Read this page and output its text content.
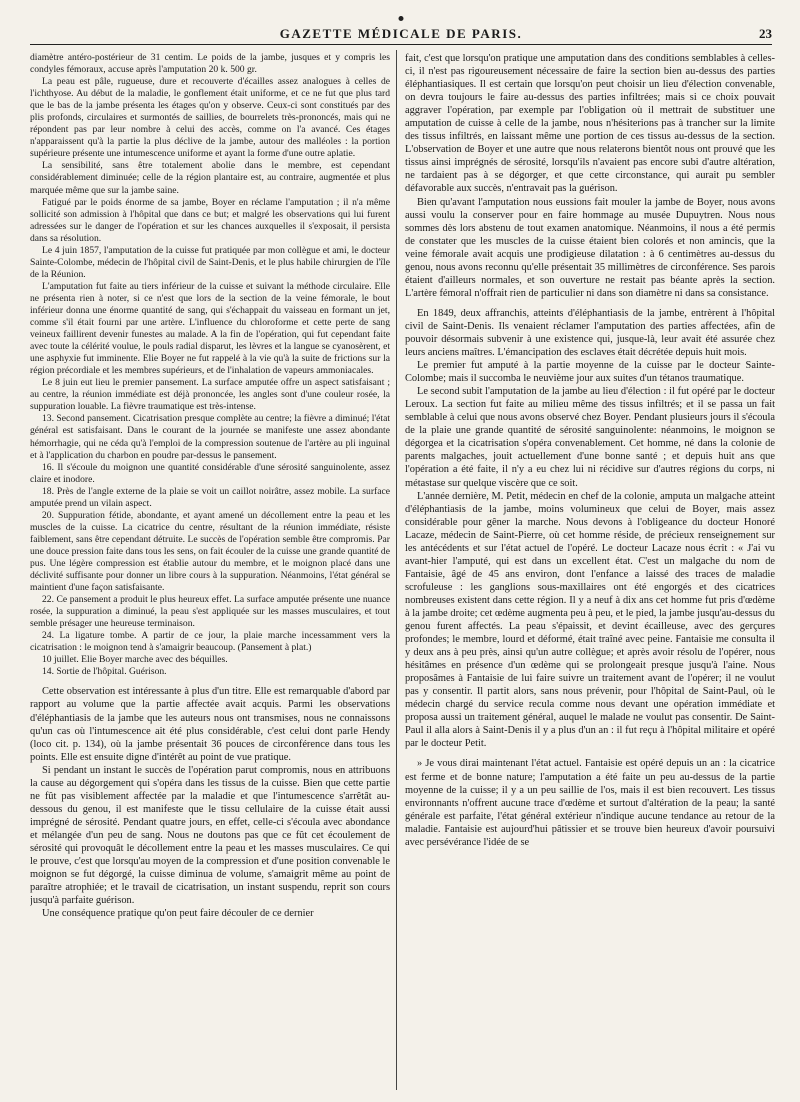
GAZETTE MÉDICALE DE PARIS.	23

diamètre antéro-postérieur de 31 centim. Le poids de la jambe, jusques et y compris les condyles fémoraux, accuse après l'amputation 20 k. 500 gr.

La peau est pâle, rugueuse, dure et recouverte d'écailles assez analogues à celles de l'ichthyose. Au début de la maladie, le gonflement était uniforme, et ce ne fut que plus tard que le bas de la jambe présenta les étages qu'on y observe. Ceux-ci sont constitués par des plis profonds, circulaires et surmontés de saillies, de bourrelets très-prononcés, mais qui ne répondent pas par leur nombre à celui des accès, comme on l'a avancé. Ces étages n'apparaissent qu'à la partie la plus déclive de la jambe, autour des malléoles : la portion supérieure présente une intumescence uniforme et ayant la forme d'une outre aplatie.

La sensibilité, sans être totalement abolie dans le membre, est cependant considérablement diminuée; celle de la région plantaire est, au contraire, augmentée et plus marquée même que sur la jambe saine.

Fatigué par le poids énorme de sa jambe, Boyer en réclame l'amputation ; il n'a même sollicité son admission à l'hôpital que dans ce but; et malgré les observations qui lui furent adressées sur le danger de l'opération et sur les chances auxquelles il s'exposait, il persista dans sa résolution.

Le 4 juin 1857, l'amputation de la cuisse fut pratiquée par mon collègue et ami, le docteur Sainte-Colombe, médecin de l'hôpital civil de Saint-Denis, et le plus habile chirurgien de l'île de la Réunion.

L'amputation fut faite au tiers inférieur de la cuisse et suivant la méthode circulaire. Elle ne présenta rien à noter, si ce n'est que lors de la section de la veine fémorale, le bout inférieur donna une énorme quantité de sang, qui s'échappait du vaisseau en formant un jet, comme s'il était fourni par une artère. L'influence du chloroforme et cette perte de sang veineux faillirent devenir funestes au malade. A la fin de l'opération, qui fut cependant faite avec toute la célérité voulue, le pouls radial disparut, les lèvres et la langue se cyanosèrent, et une asphyxie fut imminente. Elie Boyer ne fut rappelé à la vie qu'à la suite de frictions sur la région précordiale et les membres supérieurs, et de l'inhalation de vapeurs ammoniacales.

Le 8 juin eut lieu le premier pansement. La surface amputée offre un aspect satisfaisant ; au centre, la réunion immédiate est déjà prononcée, les angles sont d'une couleur rosée, la suppuration louable. La fièvre traumatique est très-intense.

13. Second pansement. Cicatrisation presque complète au centre; la fièvre a diminué; l'état général est satisfaisant. Dans le courant de la journée se manifeste une assez abondante hémorrhagie, qui ne céda qu'à l'emploi de la compression soutenue de l'artère au pli inguinal et à l'application du charbon en poudre par-dessus le pansement.

16. Il s'écoule du moignon une quantité considérable d'une sérosité sanguinolente, assez claire et inodore.

18. Près de l'angle externe de la plaie se voit un caillot noirâtre, assez mobile. La surface amputée prend un vilain aspect.

20. Suppuration fétide, abondante, et ayant amené un décollement entre la peau et les muscles de la cuisse. La cicatrice du centre, résultant de la réunion immédiate, résiste faiblement, sans être cependant détruite. Le succès de l'opération semble être compromis. Par une douce pression faite dans tous les sens, on fait écouler de la cuisse une grande quantité de pus. Une légère compression est établie autour du membre, et le moignon placé dans une déclivité suffisante pour donner un libre cours à la suppuration. Néanmoins, l'état général se maintient d'une façon satisfaisante.

22. Ce pansement a produit le plus heureux effet. La surface amputée présente une nuance rosée, la suppuration a diminué, la peau s'est appliquée sur les masses musculaires, et tout semble présager une heureuse terminaison.

24. La ligature tombe. A partir de ce jour, la plaie marche incessamment vers la cicatrisation : le moignon tend à s'amaigrir beaucoup. (Pansement à plat.)

10 juillet. Elie Boyer marche avec des béquilles.

14. Sortie de l'hôpital. Guérison.

Cette observation est intéressante à plus d'un titre. Elle est remarquable d'abord par rapport au volume que la partie affectée avait acquis. Parmi les observations d'éléphantiasis de la jambe que les auteurs nous ont transmises, nous ne connaissons qu'un cas où l'intumescence ait été plus considérable, c'est celui dont parle Hendy (loco cit. p. 134), où la jambe présentait 36 pouces de circonférence dans tous les points. Elle est ensuite digne d'intérêt au point de vue pratique.

Si pendant un instant le succès de l'opération parut compromis, nous en attribuons la cause au dégorgement qui s'opéra dans les tissus de la cuisse. Bien que cette partie ne fût pas visiblement affectée par la maladie et que l'intumescence s'arrêtât au-dessous du genou, il est manifeste que le tissu cellulaire de la cuisse était aussi imprégné de sérosité. Pendant quatre jours, en effet, celle-ci s'écoula avec abondance et mélangée d'un peu de sang. Nous ne doutons pas que ce fût cet écoulement de sérosité qui provoquât le décollement entre la peau et les masses musculaires. Ce qui le prouve, c'est que lorsqu'au moyen de la compression et d'une position convenable le moignon se fut dégorgé, la cuisse diminua de volume, s'amaigrit même au point de paraître atrophiée; et le travail de cicatrisation, un instant suspendu, reprit son cours jusqu'à parfaite guérison.

Une conséquence pratique qu'on peut faire découler de ce dernier

fait, c'est que lorsqu'on pratique une amputation dans des conditions semblables à celles-ci, il n'est pas rigoureusement nécessaire de faire la section bien au-dessus des parties éléphantiasiques. Il est certain que lorsqu'on peut choisir un lieu d'élection convenable, on devra toujours le faire au-dessus des parties infiltrées; mais si ce choix pouvait aggraver l'opération, par exemple par l'obligation où il mettrait de substituer une amputation de cuisse à celle de la jambe, nous n'hésiterions pas à trancher sur la limite des tissus infiltrés, en laissant même une portion de ces tissus au-dessus de la section. L'observation de Boyer et une autre que nous relaterons bientôt nous ont prouvé que les tissus ainsi imprégnés de sérosité, lorsqu'ils n'avaient pas encore subi d'autre altération, ne tardaient pas à se dégorger, et que cette circonstance, qui aurait pu sembler défavorable aux succès, n'entravait pas la guérison.

Bien qu'avant l'amputation nous eussions fait mouler la jambe de Boyer, nous avons aussi voulu la conserver pour en faire hommage au musée Dupuytren. Nous nous sommes dès lors abstenu de tout examen anatomique. Néanmoins, il nous a été permis de constater que les muscles de la cuisse étaient bien colorés et non amincis, que la veine fémorale avait acquis une prodigieuse dilatation : à 6 centimètres au-dessus du genou, nous avons reconnu qu'elle présentait 35 millimètres de circonférence. Ses parois étaient d'ailleurs normales, et son ouverture ne restait pas béante après la section. L'artère fémoral n'offrait rien de particulier ni dans son diamètre ni dans sa consistance.

En 1849, deux affranchis, atteints d'éléphantiasis de la jambe, entrèrent à l'hôpital civil de Saint-Denis. Ils venaient réclamer l'amputation des parties affectées, afin de pouvoir désormais subvenir à une existence qui, jusque-là, leur avait été assurée chez leurs anciens maîtres. L'émancipation des esclaves était décrétée depuis huit mois.

Le premier fut amputé à la partie moyenne de la cuisse par le docteur Sainte-Colombe; mais il succomba le neuvième jour aux suites d'un tétanos traumatique.

Le second subit l'amputation de la jambe au lieu d'élection : il fut opéré par le docteur Leroux. La section fut faite au milieu même des tissus infiltrés; et il se passa un fait semblable à celui que nous avons observé chez Boyer. Pendant plusieurs jours il s'écoula de la plaie une grande quantité de sérosité sanguinolente: néanmoins, le moignon se dégorgea et la cicatrisation s'opéra convenablement. Cet homme, né dans la colonie de parents malgaches, jouit actuellement d'une bonne santé ; et depuis huit ans que l'opération a été faite, il n'y a eu chez lui ni récidive sur d'autres régions du corps, ni métastase sur quelque viscère que ce soit.

L'année dernière, M. Petit, médecin en chef de la colonie, amputa un malgache atteint d'éléphantiasis de la jambe, moins volumineux que celui de Boyer, mais assez considérable pour gêner la marche. Nous devons à l'obligeance du docteur Honoré Lacaze, médecin de Saint-Pierre, où cet homme réside, de précieux renseignement sur les antécédents et sur l'état actuel de l'opéré. Le docteur Lacaze nous écrit : « J'ai vu avant-hier l'amputé, qui est dans un excellent état. C'est un malgache du nom de Fantaisie, âgé de 45 ans environ, dont l'enfance a laissé des traces de maladie scrofuleuse : les ganglions sous-maxillaires ont été engorgés et des cicatrices nombreuses existent dans cette région. Il y a neuf à dix ans cet homme fut pris d'œdème à la jambe droite; cet œdème augmenta peu à peu, et le pied, la jambe jusqu'au-dessus du genou furent affectés. La peau s'épaissit, et devint écailleuse, avec des gerçures profondes; le membre, lourd et déformé, était traîné avec peine. Fantaisie me consulta il y deux ans à peu près, ainsi qu'un autre collègue; et après avoir résolu de l'opérer, nous hésitâmes en présence d'un œdème qui se prolongeait presque jusqu'à l'aine. Nous proposâmes à Fantaisie de lui faire suivre un traitement avant de l'opérer; il ne voulut pas y consentir. Il partit alors, sans nous prévenir, pour l'hôpital de Saint-Paul, où le médecin chargé du service recula comme nous devant une opération immédiate et proposa aussi un traitement général, auquel le malade ne voulut pas consentir. De Saint-Paul il alla alors à Saint-Denis il y a plus d'un an : il fut reçu à l'hôpital militaire et opéré par le docteur Petit.

» Je vous dirai maintenant l'état actuel. Fantaisie est opéré depuis un an : la cicatrice est ferme et de bonne nature; l'amputation a été faite un peu au-dessus de la partie moyenne de la cuisse; il y a un peu saillie de l'os, mais il est bien recouvert. Les tissus environnants n'offrent aucune trace d'œdème et surtout d'altération de la peau; la santé générale est parfaite, l'état général extérieur n'indique aucune tendance au retour de la maladie. Fantaisie est aujourd'hui pâtissier et se trouve bien heureux d'avoir poursuivi avec persévérance l'idée de se
